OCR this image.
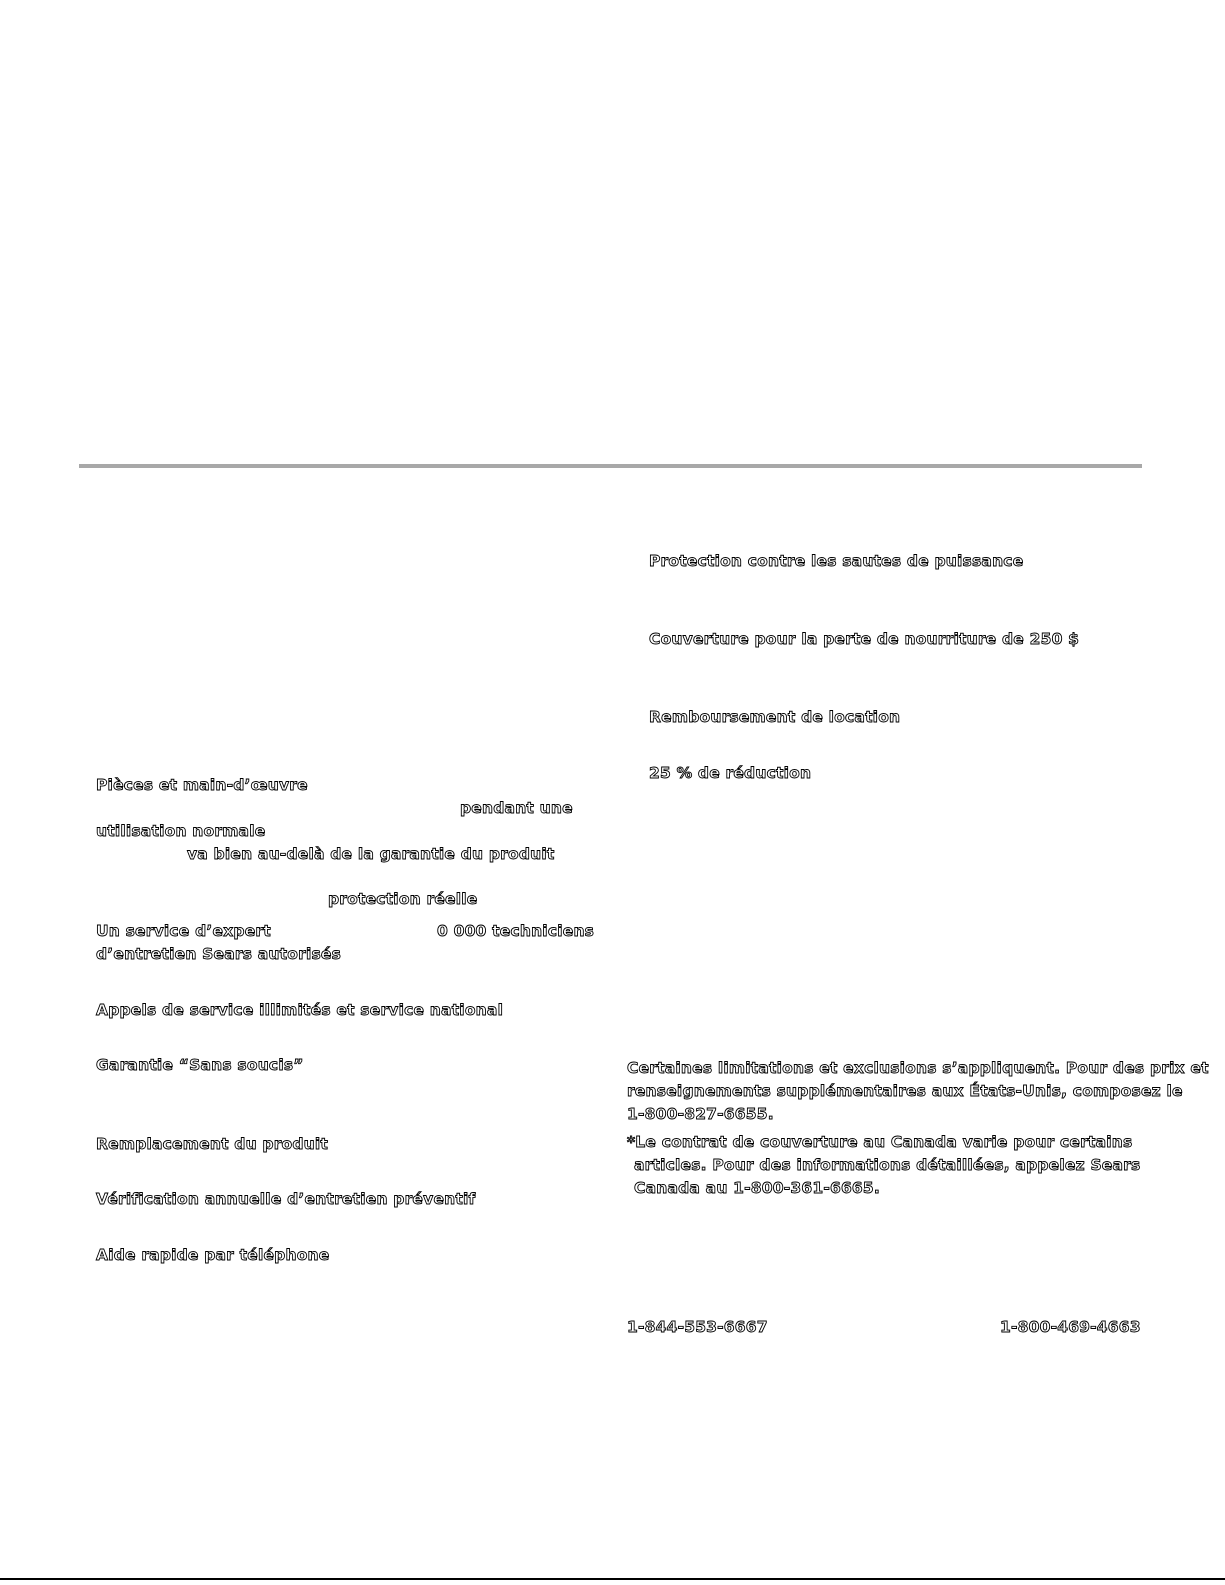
Pièces et main-d’œuvre
pendant une
utilisation normale
va bien au-delà de la garantie du produit
protection réelle
Un service d’expert	0 000 techniciens
d’entretien Sears autorisés
Appels de service illimités et service national
Garantie “Sans soucis”
Remplacement du produit
Vérification annuelle d’entretien préventif
Aide rapide par téléphone
Protection contre les sautes de puissance
Couverture pour la perte de nourriture de 250 $
Remboursement de location
25 % de réduction
Certaines limitations et exclusions s’appliquent. Pour des prix et
renseignements supplémentaires aux États-Unis, composez le
1-800-827-6655.
*Le contrat de couverture au Canada varie pour certains
articles. Pour des informations détaillées, appelez Sears
Canada au 1-800-361-6665.
1-844-553-6667	1-800-469-4663
